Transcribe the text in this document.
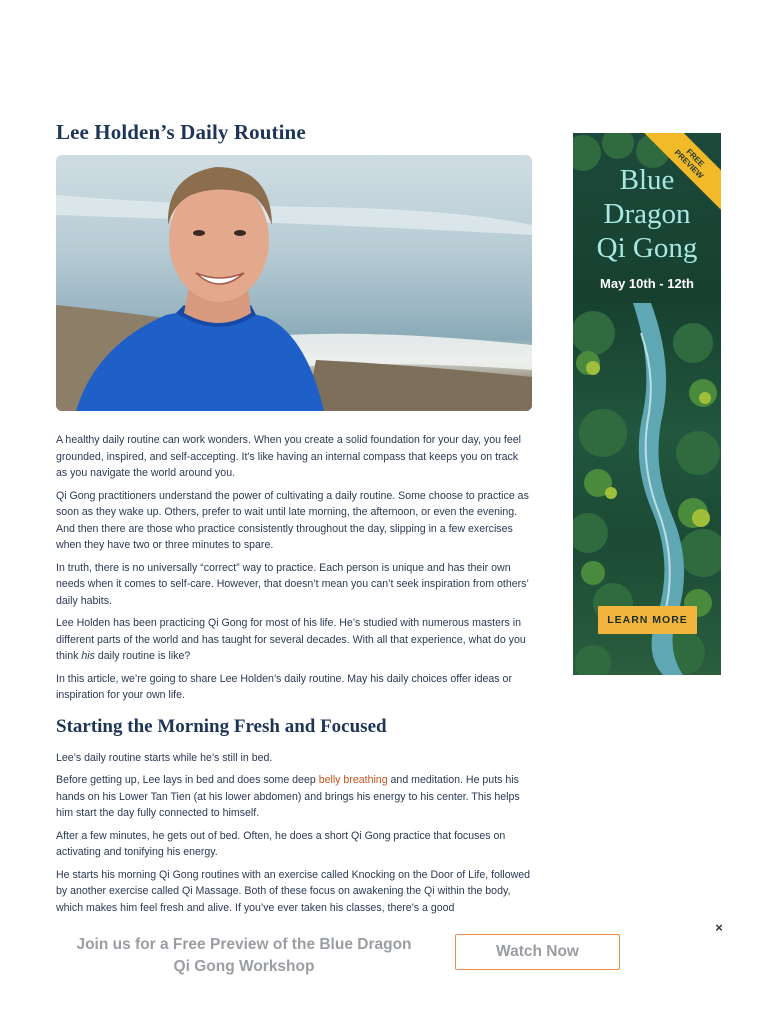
Lee Holden’s Daily Routine

A healthy daily routine can work wonders. When you create a solid foundation for your day, you feel grounded, inspired, and self-accepting. It’s like having an internal compass that keeps you on track as you navigate the world around you.

Qi Gong practitioners understand the power of cultivating a daily routine. Some choose to practice as soon as they wake up. Others, prefer to wait until late morning, the afternoon, or even the evening. And then there are those who practice consistently throughout the day, slipping in a few exercises when they have two or three minutes to spare.

In truth, there is no universally “correct” way to practice. Each person is unique and has their own needs when it comes to self-care. However, that doesn’t mean you can’t seek inspiration from others’ daily habits.

Lee Holden has been practicing Qi Gong for most of his life. He’s studied with numerous masters in different parts of the world and has taught for several decades. With all that experience, what do you think his daily routine is like?

In this article, we’re going to share Lee Holden’s daily routine. May his daily choices offer ideas or inspiration for your own life.

Starting the Morning Fresh and Focused

Lee’s daily routine starts while he’s still in bed.

Before getting up, Lee lays in bed and does some deep belly breathing and meditation. He puts his hands on his Lower Tan Tien (at his lower abdomen) and brings his energy to his center. This helps him start the day fully connected to himself.

After a few minutes, he gets out of bed. Often, he does a short Qi Gong practice that focuses on activating and tonifying his energy.

He starts his morning Qi Gong routines with an exercise called Knocking on the Door of Life, followed by another exercise called Qi Massage. Both of these focus on awakening the Qi within the body, which makes him feel fresh and alive. If you’ve ever taken his classes, there’s a good

FREE
PREVIEW
Blue
Dragon
Qi Gong
May 10th - 12th
LEARN MORE
×
Join us for a Free Preview of the Blue Dragon Qi Gong Workshop
Watch Now
